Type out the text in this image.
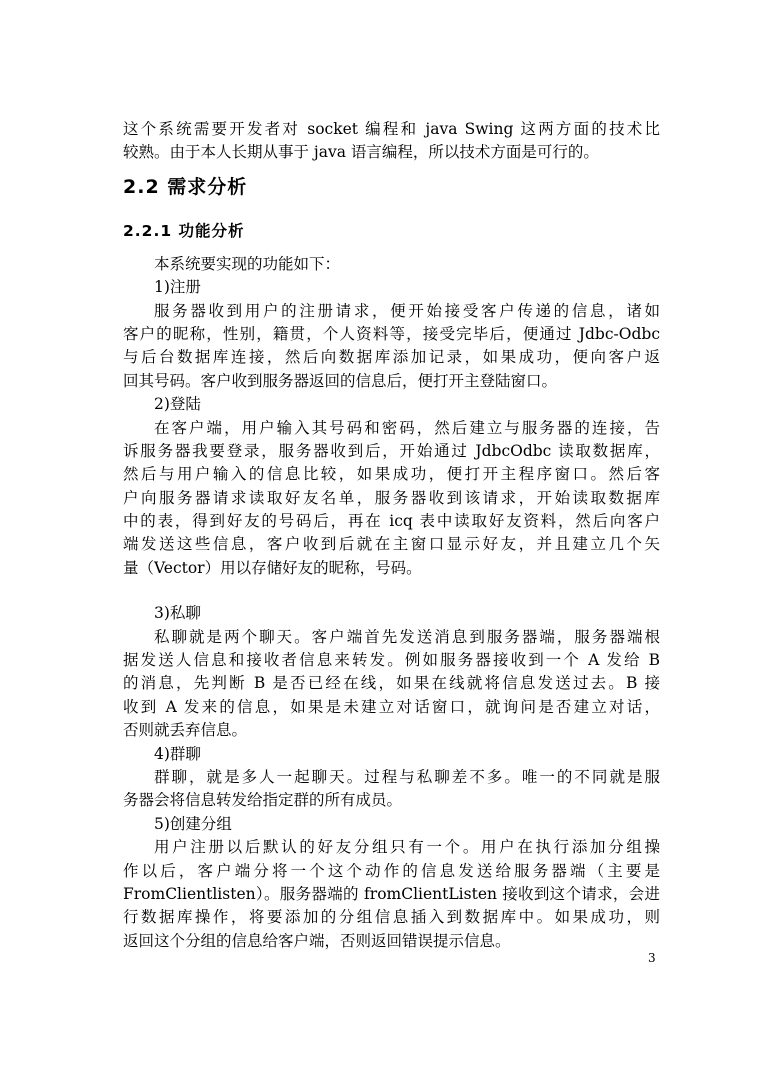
这个系统需要开发者对 socket 编程和 java Swing 这两方面的技术比
较熟。由于本人长期从事于 java 语言编程，所以技术方面是可行的。
2.2 需求分析
2.2.1 功能分析
本系统要实现的功能如下：
1)注册
服务器收到用户的注册请求，便开始接受客户传递的信息，诸如
客户的昵称，性别，籍贯，个人资料等，接受完毕后，便通过 Jdbc-Odbc
与后台数据库连接，然后向数据库添加记录，如果成功，便向客户返
回其号码。客户收到服务器返回的信息后，便打开主登陆窗口。
2)登陆
在客户端，用户输入其号码和密码，然后建立与服务器的连接，告
诉服务器我要登录，服务器收到后，开始通过 JdbcOdbc 读取数据库，
然后与用户输入的信息比较，如果成功，便打开主程序窗口。然后客
户向服务器请求读取好友名单，服务器收到该请求，开始读取数据库
中的表，得到好友的号码后，再在 icq 表中读取好友资料，然后向客户
端发送这些信息，客户收到后就在主窗口显示好友，并且建立几个矢
量（Vector）用以存储好友的昵称，号码。
3)私聊
私聊就是两个聊天。客户端首先发送消息到服务器端，服务器端根
据发送人信息和接收者信息来转发。例如服务器接收到一个 A 发给 B
的消息，先判断 B 是否已经在线，如果在线就将信息发送过去。B 接
收到 A 发来的信息，如果是未建立对话窗口，就询问是否建立对话，
否则就丢弃信息。
4)群聊
群聊，就是多人一起聊天。过程与私聊差不多。唯一的不同就是服
务器会将信息转发给指定群的所有成员。
5)创建分组
用户注册以后默认的好友分组只有一个。用户在执行添加分组操
作以后，客户端分将一个这个动作的信息发送给服务器端（主要是
FromClientlisten）。服务器端的 fromClientListen 接收到这个请求，会进
行数据库操作，将要添加的分组信息插入到数据库中。如果成功，则
返回这个分组的信息给客户端，否则返回错误提示信息。
3
